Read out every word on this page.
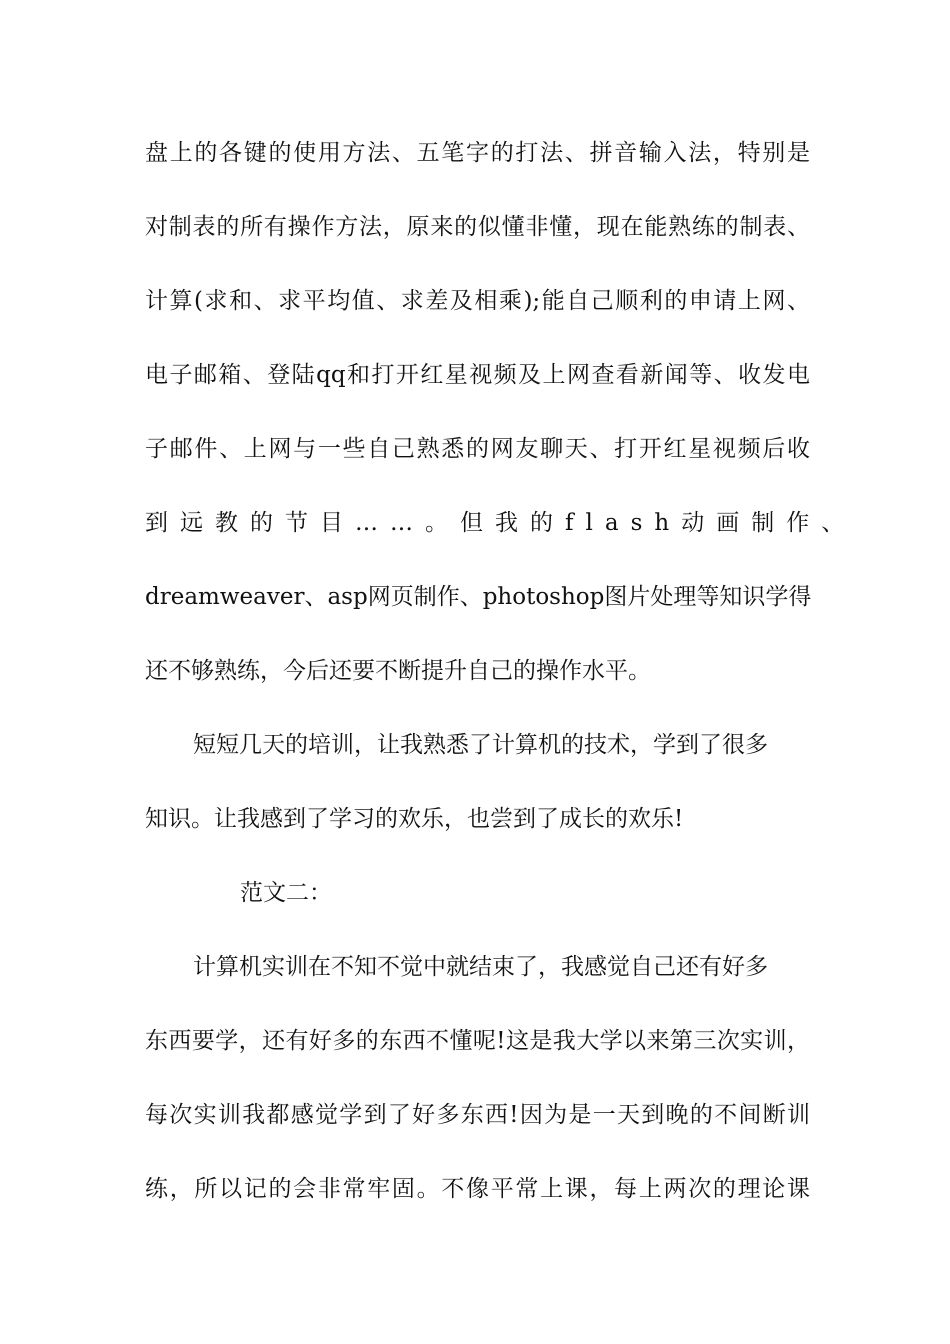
盘上的各键的使用方法、五笔字的打法、拼音输入法，特别是
对制表的所有操作方法，原来的似懂非懂，现在能熟练的制表、
计算(求和、求平均值、求差及相乘);能自己顺利的申请上网、
电子邮箱、登陆qq和打开红星视频及上网查看新闻等、收发电
子邮件、上网与一些自己熟悉的网友聊天、打开红星视频后收
到远教的节目……。但我的flash动画制作、
dreamweaver、asp网页制作、photoshop图片处理等知识学得
还不够熟练，今后还要不断提升自己的操作水平。
短短几天的培训，让我熟悉了计算机的技术，学到了很多
知识。让我感到了学习的欢乐，也尝到了成长的欢乐!
范文二：
计算机实训在不知不觉中就结束了，我感觉自己还有好多
东西要学，还有好多的东西不懂呢!这是我大学以来第三次实训，
每次实训我都感觉学到了好多东西!因为是一天到晚的不间断训
练，所以记的会非常牢固。不像平常上课，每上两次的理论课
